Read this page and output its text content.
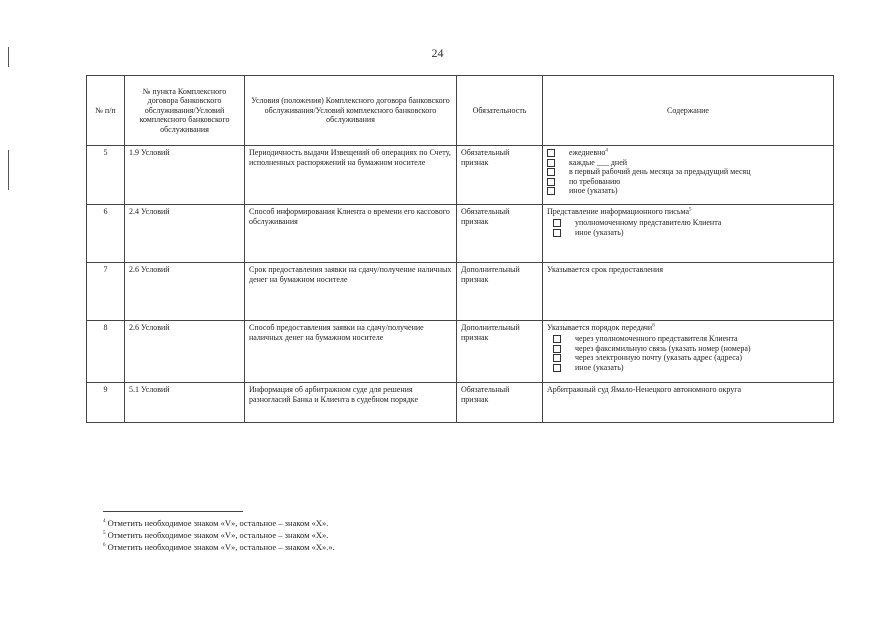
24
№ п/п	№ пункта Комплексного договора банковского обслуживания/Условий комплексного банковского обслуживания	Условия (положения) Комплексного договора банковского обслуживания/Условий комплексного банковского обслуживания	Обязательность	Содержание
5	1.9 Условий	Периодичность выдачи Извещений об операциях по Счету, исполненных распоряжений на бумажном носителе	Обязательный признак	ежедневно$^4$
каждые ___ дней
в первый рабочий день месяца за предыдущий месяц
по требованию
иное (указать)

6	2.4 Условий	Способ информирования Клиента о времени его кассового обслуживания	Обязательный признак	Представление информационного письма$^5$
уполномоченному представителю Клиента
иное (указать)

7	2.6 Условий	Срок предоставления заявки на сдачу/получение наличных денег на бумажном носителе	Дополнительный признак	Указывается срок предоставления

8	2.6 Условий	Способ предоставления заявки на сдачу/получение наличных денег на бумажном носителе	Дополнительный признак	Указывается порядок передачи$^6$
через уполномоченного представителя Клиента
через факсимильную связь (указать номер (номера)
через электронную почту (указать адрес (адреса)
иное (указать)

9	5.1 Условий	Информация об арбитражном суде для решения разногласий Банка и Клиента в судебном порядке	Обязательный признак	Арбитражный суд Ямало-Ненецкого автономного округа
$^4$ Отметить необходимое знаком «V», остальное – знаком «X».
$^5$ Отметить необходимое знаком «V», остальное – знаком «X».
$^6$ Отметить необходимое знаком «V», остальное – знаком «X».».
